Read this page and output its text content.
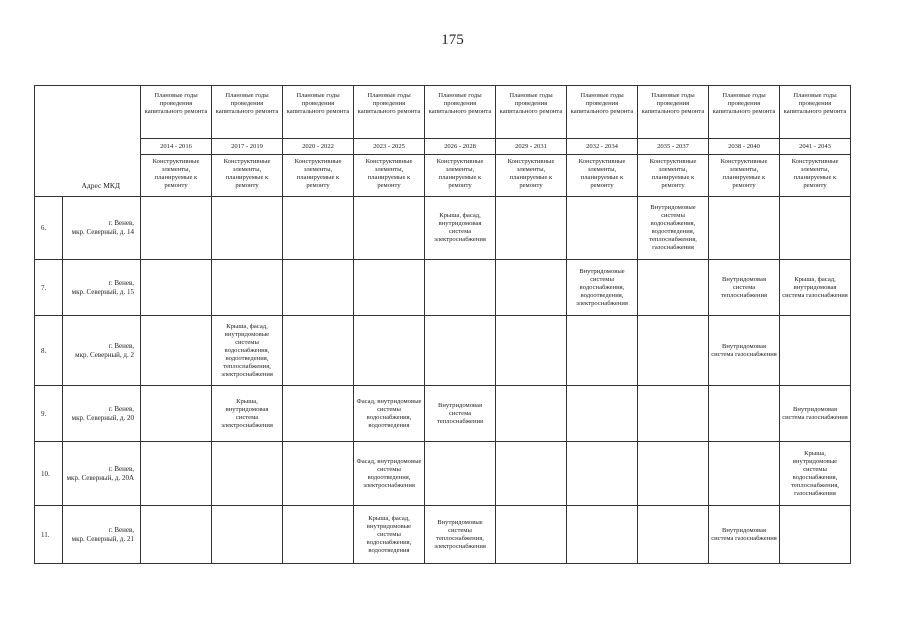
175
Адрес МКД		Плановые годы проведения капитального ремонта	Плановые годы проведения капитального ремонта	Плановые годы проведения капитального ремонта	Плановые годы проведения капитального ремонта	Плановые годы проведения капитального ремонта	Плановые годы проведения капитального ремонта	Плановые годы проведения капитального ремонта	Плановые годы проведения капитального ремонта	Плановые годы проведения капитального ремонта	Плановые годы проведения капитального ремонта
		2014 - 2016	2017 - 2019	2020 - 2022	2023 - 2025	2026 - 2028	2029 - 2031	2032 - 2034	2035 - 2037	2038 - 2040	2041 - 2043
		Конструктивные элементы, планируемые к ремонту	Конструктивные элементы, планируемые к ремонту	Конструктивные элементы, планируемые к ремонту	Конструктивные элементы, планируемые к ремонту	Конструктивные элементы, планируемые к ремонту	Конструктивные элементы, планируемые к ремонту	Конструктивные элементы, планируемые к ремонту	Конструктивные элементы, планируемые к ремонту	Конструктивные элементы, планируемые к ремонту	Конструктивные элементы, планируемые к ремонту
6.	г. Венев,
мкр. Северный, д. 14					Крыша, фасад, внутридомовая система электроснабжения			Внутридомовые системы водоснабжения, водоотведения, теплоснабжения, газоснабжения		
7.	г. Венев,
мкр. Северный, д. 15							Внутридомовые системы водоснабжения, водоотведения, электроснабжения		Внутридомовая система теплоснабжения	Крыша, фасад, внутридомовая система газоснабжения
8.	г. Венев,
мкр. Северный, д. 2		Крыша, фасад, внутридомовые системы водоснабжения, водоотведения, теплоснабжения, электроснабжения							Внутридомовая система газоснабжения	
9.	г. Венев,
мкр. Северный, д. 20		Крыша, внутридомовая система электроснабжения		Фасад, внутридомовые системы водоснабжения, водоотведения	Внутридомовая система теплоснабжения					Внутридомовая система газоснабжения
10.	г. Венев,
мкр. Северный, д. 20А				Фасад, внутридомовые системы водоотведения, электроснабжения						Крыша, внутридомовые системы водоснабжения, теплоснабжения, газоснабжения
11.	г. Венев,
мкр. Северный, д. 21				Крыша, фасад, внутридомовые системы водоснабжения, водоотведения	Внутридомовые системы теплоснабжения, электроснабжения				Внутридомовая система газоснабжения	
